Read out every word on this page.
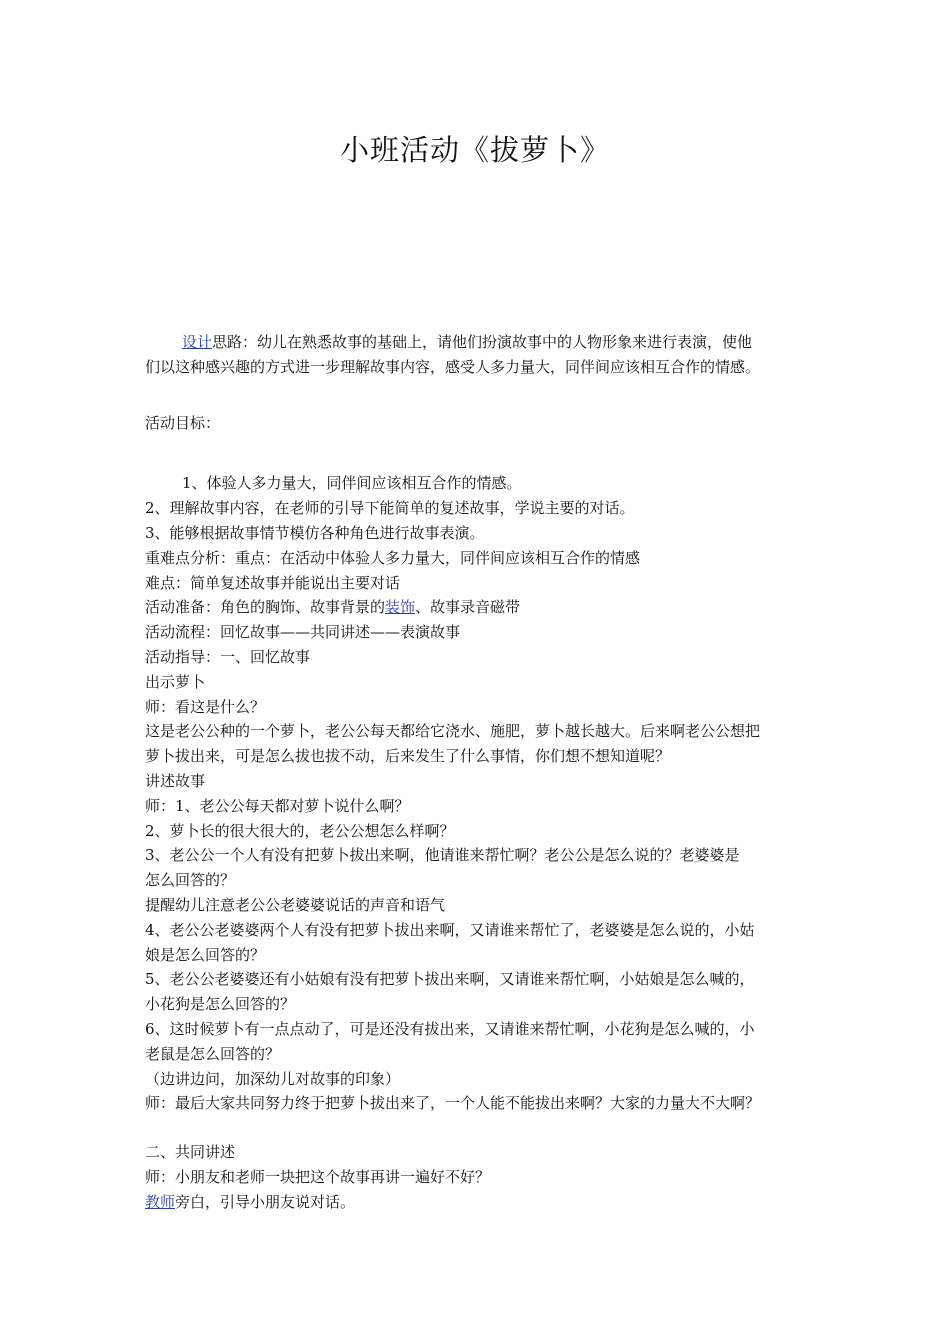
小班活动《拔萝卜》

设计思路：幼儿在熟悉故事的基础上，请他们扮演故事中的人物形象来进行表演，使他

们以这种感兴趣的方式进一步理解故事内容，感受人多力量大，同伴间应该相互合作的情感。

活动目标：

1、体验人多力量大，同伴间应该相互合作的情感。

2、理解故事内容，在老师的引导下能简单的复述故事，学说主要的对话。

3、能够根据故事情节模仿各种角色进行故事表演。

重难点分析：重点：在活动中体验人多力量大，同伴间应该相互合作的情感

难点：简单复述故事并能说出主要对话

活动准备：角色的胸饰、故事背景的装饰、故事录音磁带

活动流程：回忆故事——共同讲述——表演故事

活动指导：一、回忆故事

出示萝卜

师：看这是什么？

这是老公公种的一个萝卜，老公公每天都给它浇水、施肥，萝卜越长越大。后来啊老公公想把

萝卜拔出来，可是怎么拔也拔不动，后来发生了什么事情，你们想不想知道呢？

讲述故事

师：1、老公公每天都对萝卜说什么啊？

2、萝卜长的很大很大的，老公公想怎么样啊？

3、老公公一个人有没有把萝卜拔出来啊，他请谁来帮忙啊？老公公是怎么说的？老婆婆是

怎么回答的？

提醒幼儿注意老公公老婆婆说话的声音和语气

4、老公公老婆婆两个人有没有把萝卜拔出来啊，又请谁来帮忙了，老婆婆是怎么说的，小姑

娘是怎么回答的？

5、老公公老婆婆还有小姑娘有没有把萝卜拔出来啊，又请谁来帮忙啊，小姑娘是怎么喊的，

小花狗是怎么回答的？

6、这时候萝卜有一点点动了，可是还没有拔出来，又请谁来帮忙啊，小花狗是怎么喊的，小

老鼠是怎么回答的？

（边讲边问，加深幼儿对故事的印象）

师：最后大家共同努力终于把萝卜拔出来了，一个人能不能拔出来啊？大家的力量大不大啊？

二、共同讲述

师：小朋友和老师一块把这个故事再讲一遍好不好？

教师旁白，引导小朋友说对话。
